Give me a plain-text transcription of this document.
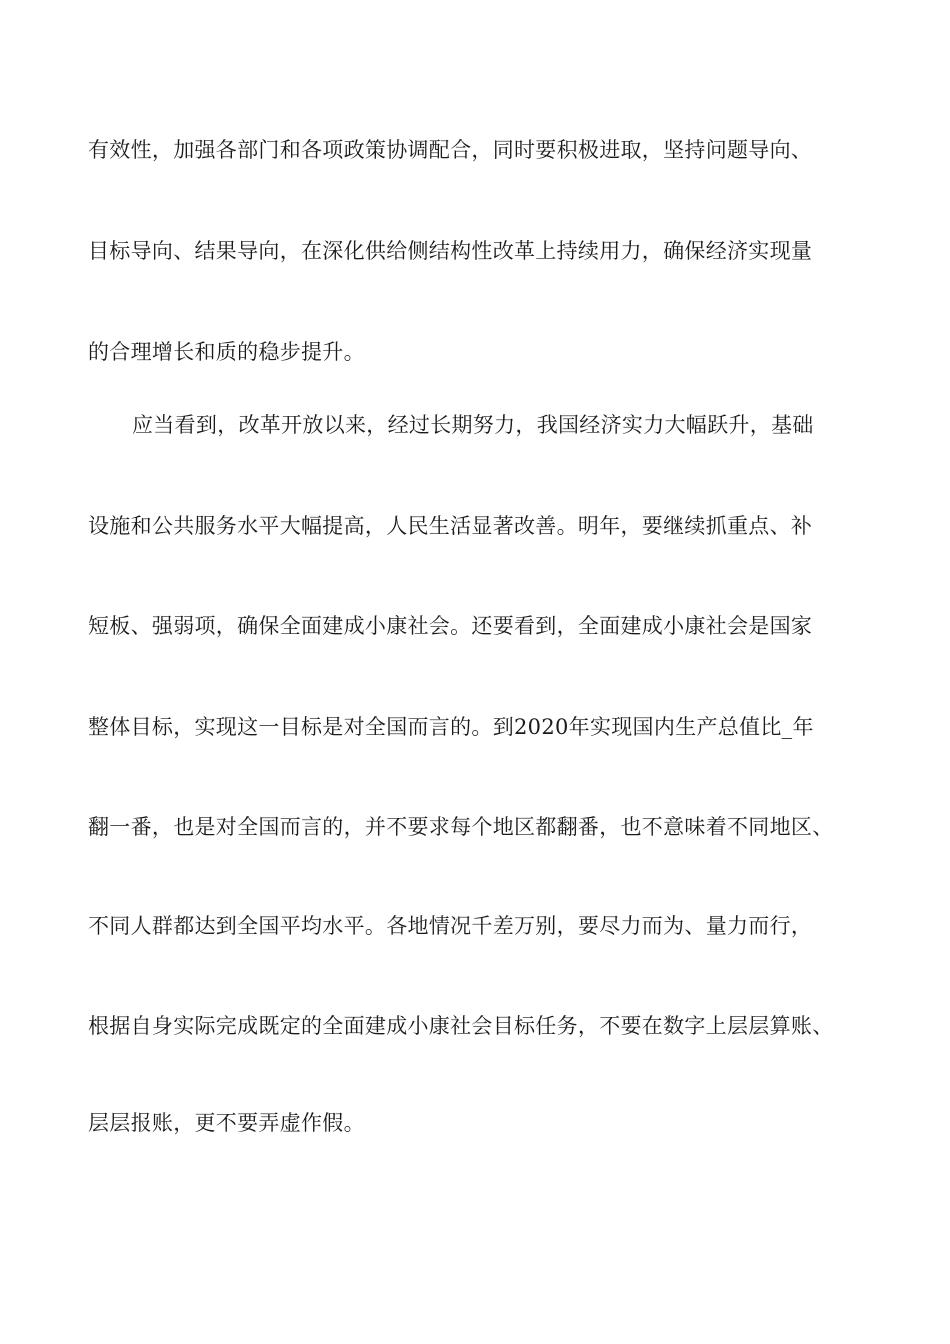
有效性，加强各部门和各项政策协调配合，同时要积极进取，坚持问题导向、
目标导向、结果导向，在深化供给侧结构性改革上持续用力，确保经济实现量
的合理增长和质的稳步提升。
应当看到，改革开放以来，经过长期努力，我国经济实力大幅跃升，基础
设施和公共服务水平大幅提高，人民生活显著改善。明年，要继续抓重点、补
短板、强弱项，确保全面建成小康社会。还要看到，全面建成小康社会是国家
整体目标，实现这一目标是对全国而言的。到2020年实现国内生产总值比_年
翻一番，也是对全国而言的，并不要求每个地区都翻番，也不意味着不同地区、
不同人群都达到全国平均水平。各地情况千差万别，要尽力而为、量力而行，
根据自身实际完成既定的全面建成小康社会目标任务，不要在数字上层层算账、
层层报账，更不要弄虚作假。
